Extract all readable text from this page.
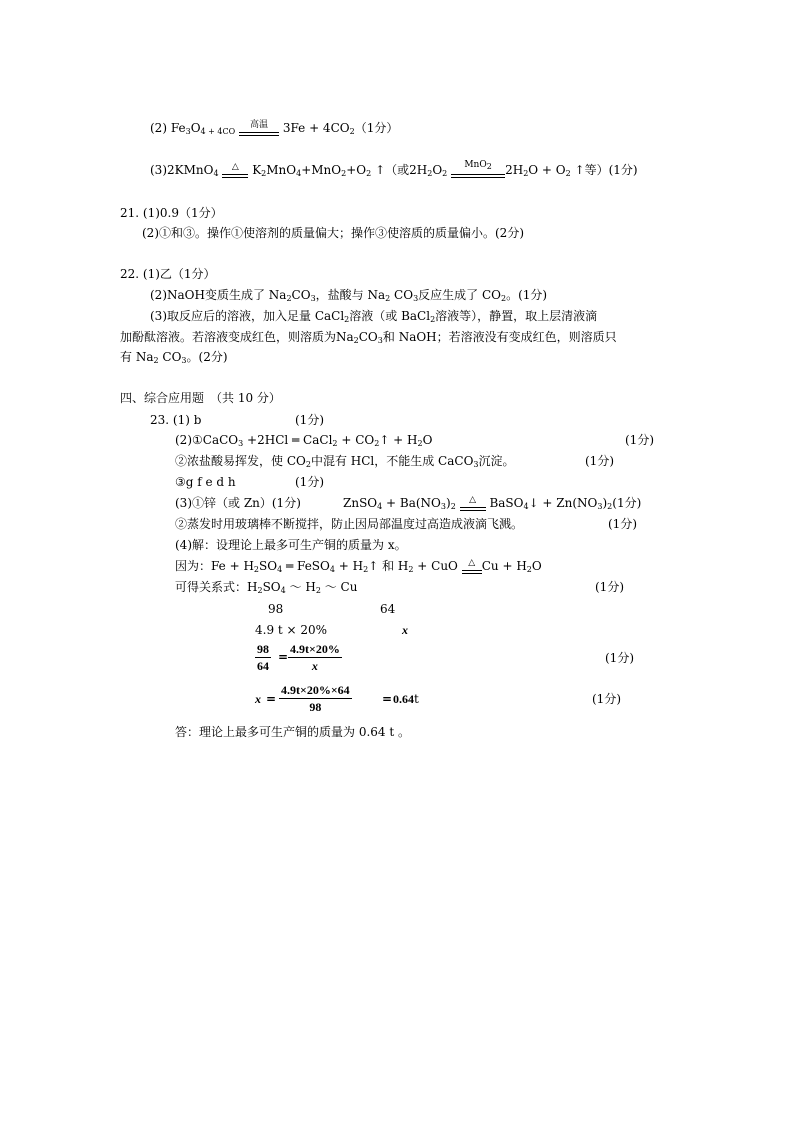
(2) $Fe_3O_{4 + 4CO}$
高温	$3Fe + 4CO_2(1$分）
(3)2KMnO$_4$
△	$K_2MnO_4+MnO_2+O_2$ ↑（或$2H_2O_2$
MnO$_2$	$2H_2O + O_2$ ↑等）(1分)
21. (1)0.9（1分）
(2)①和③。操作①使溶剂的质量偏大；操作③使溶质的质量偏小。(2分)
22. (1)乙（1分）
(2)NaOH变质生成了 $Na_2CO_3$，盐酸与 $Na_2$ $CO_3$反应生成了 $CO_2$。(1分)
(3)取反应后的溶液，加入足量 CaCl$_2$溶液（或 BaCl$_2$溶液等），静置，取上层清液滴
加酚酞溶液。若溶液变成红色，则溶质为$Na_2CO_3$和 NaOH；若溶液没有变成红色，则溶质只
有 $Na_2$ $CO_3$。(2分)
四、综合应用题　（共 10 分）
23. (1) b	(1分)
(2)①CaCO$_3$ +2HCl ═ CaCl$_2$ + $CO_2↑ + H_2O$	(1分)
②浓盐酸易挥发，使 $CO_2$中混有 HCl，不能生成 CaCO$_3$沉淀。	(1分)
③g f e d h	(1分)
(3)①锌（或 Zn）(1分)	ZnSO$_4$ + $Ba(NO_3)_2$
△	BaSO$_4$↓ + $Zn(NO_3)_2(1$分)
②蒸发时用玻璃棒不断搅拌，防止因局部温度过高造成液滴飞溅。	(1分)
(4)解：设理论上最多可生产铜的质量为 x。
因为：$Fe + H_2SO_4$ ═ FeSO$_4$ + $H_2↑$ 和 $H_2$ + CuO	△ $Cu + H_2O$
可得关系式：$H_2SO_4$ ～ $H_2$ ～ Cu	(1分)
98	64
4.9 t × 20%	x
$\frac{98}{64} = \frac{4.9t\times 20\%}{x}$	(1分)
$x = \frac{4.9t\times 20\%\times 64}{98}$	= 0.64t	(1分)
答：理论上最多可生产铜的质量为 0.64 t 。
